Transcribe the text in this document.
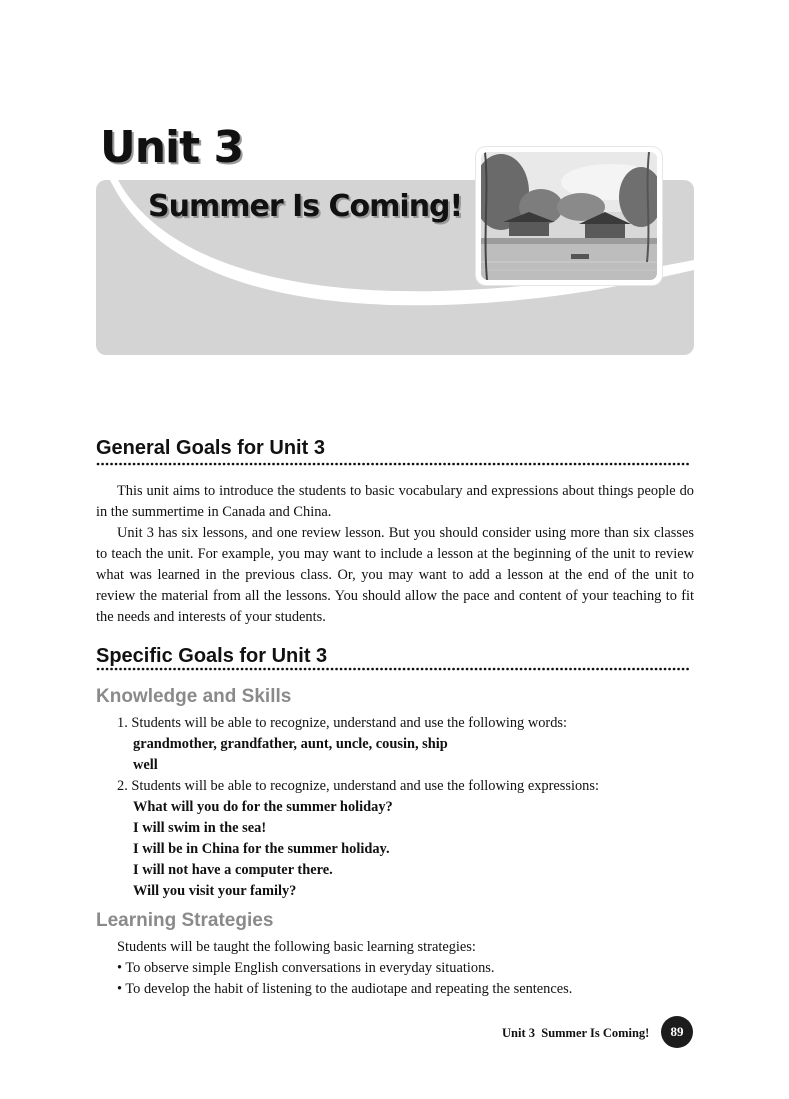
Unit 3
Summer Is Coming!
General Goals for Unit 3

This unit aims to introduce the students to basic vocabulary and expressions about things people do in the summertime in Canada and China.

Unit 3 has six lessons, and one review lesson. But you should consider using more than six classes to teach the unit. For example, you may want to include a lesson at the beginning of the unit to review what was learned in the previous class. Or, you may want to add a lesson at the end of the unit to review the material from all the lessons. You should allow the pace and content of your teaching to fit the needs and interests of your students.

Specific Goals for Unit 3
Knowledge and Skills

1. Students will be able to recognize, understand and use the following words:

grandmother, grandfather, aunt, uncle, cousin, ship

well

2. Students will be able to recognize, understand and use the following expressions:

What will you do for the summer holiday?

I will swim in the sea!

I will be in China for the summer holiday.

I will not have a computer there.

Will you visit your family?

Learning Strategies

Students will be taught the following basic learning strategies:

• To observe simple English conversations in everyday situations.

• To develop the habit of listening to the audiotape and repeating the sentences.

Unit 3  Summer Is Coming!	89
